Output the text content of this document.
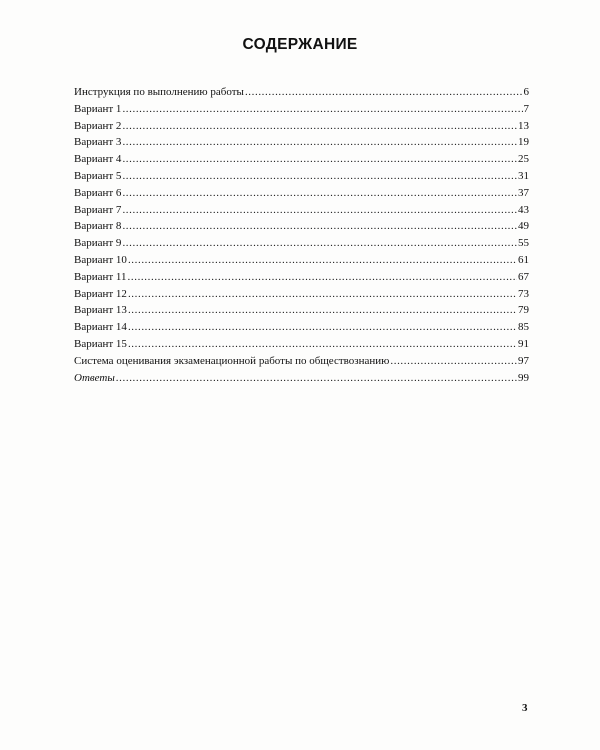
СОДЕРЖАНИЕ
Инструкция по выполнению работы .....	6
Вариант 1 .....	7
Вариант 2 .....	13
Вариант 3 .....	19
Вариант 4 .....	25
Вариант 5 .....	31
Вариант 6 .....	37
Вариант 7 .....	43
Вариант 8 .....	49
Вариант 9 .....	55
Вариант 10 .....	61
Вариант 11 .....	67
Вариант 12 .....	73
Вариант 13 .....	79
Вариант 14 .....	85
Вариант 15 .....	91
Система оценивания экзаменационной работы по обществознанию .....	97
Ответы .....	99
3
